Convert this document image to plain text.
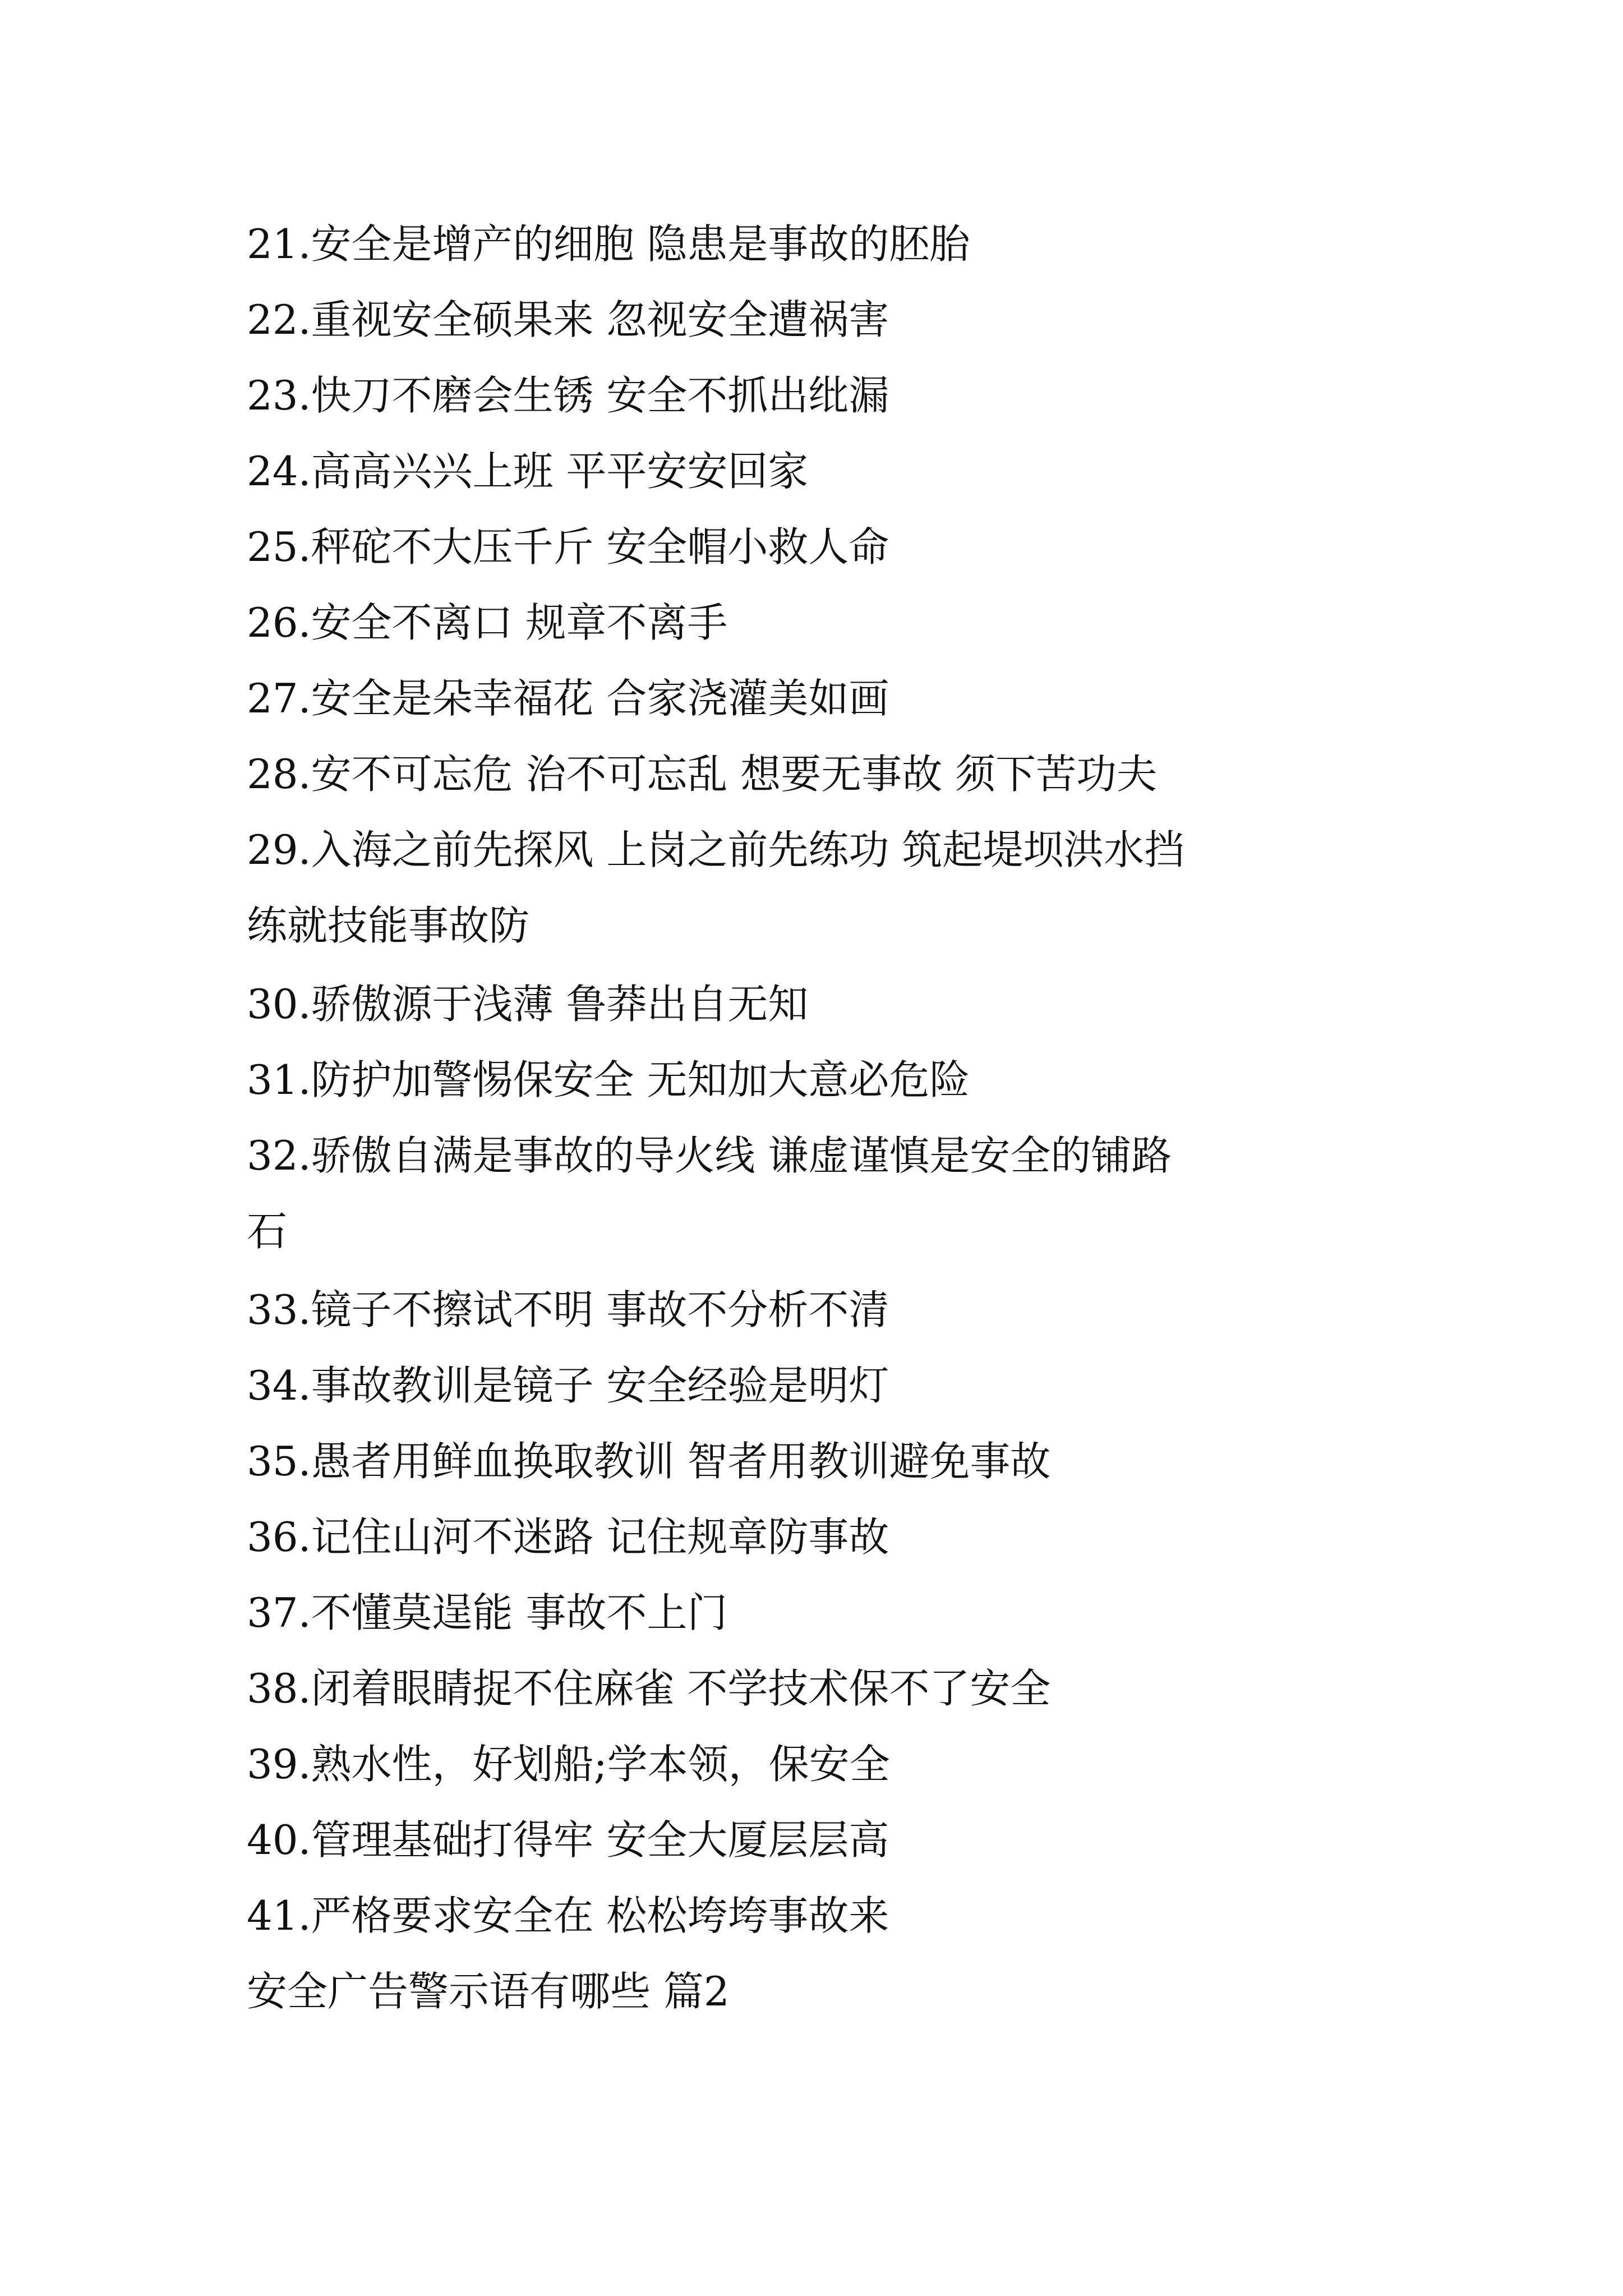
21.安全是增产的细胞 隐患是事故的胚胎
22.重视安全硕果来 忽视安全遭祸害
23.快刀不磨会生锈 安全不抓出纰漏
24.高高兴兴上班 平平安安回家
25.秤砣不大压千斤 安全帽小救人命
26.安全不离口 规章不离手
27.安全是朵幸福花 合家浇灌美如画
28.安不可忘危 治不可忘乱 想要无事故 须下苦功夫
29.入海之前先探风 上岗之前先练功 筑起堤坝洪水挡
练就技能事故防
30.骄傲源于浅薄 鲁莽出自无知
31.防护加警惕保安全 无知加大意必危险
32.骄傲自满是事故的导火线 谦虚谨慎是安全的铺路
石
33.镜子不擦试不明 事故不分析不清
34.事故教训是镜子 安全经验是明灯
35.愚者用鲜血换取教训 智者用教训避免事故
36.记住山河不迷路 记住规章防事故
37.不懂莫逞能 事故不上门
38.闭着眼睛捉不住麻雀 不学技术保不了安全
39.熟水性，好划船;学本领，保安全
40.管理基础打得牢 安全大厦层层高
41.严格要求安全在 松松垮垮事故来
安全广告警示语有哪些 篇2
